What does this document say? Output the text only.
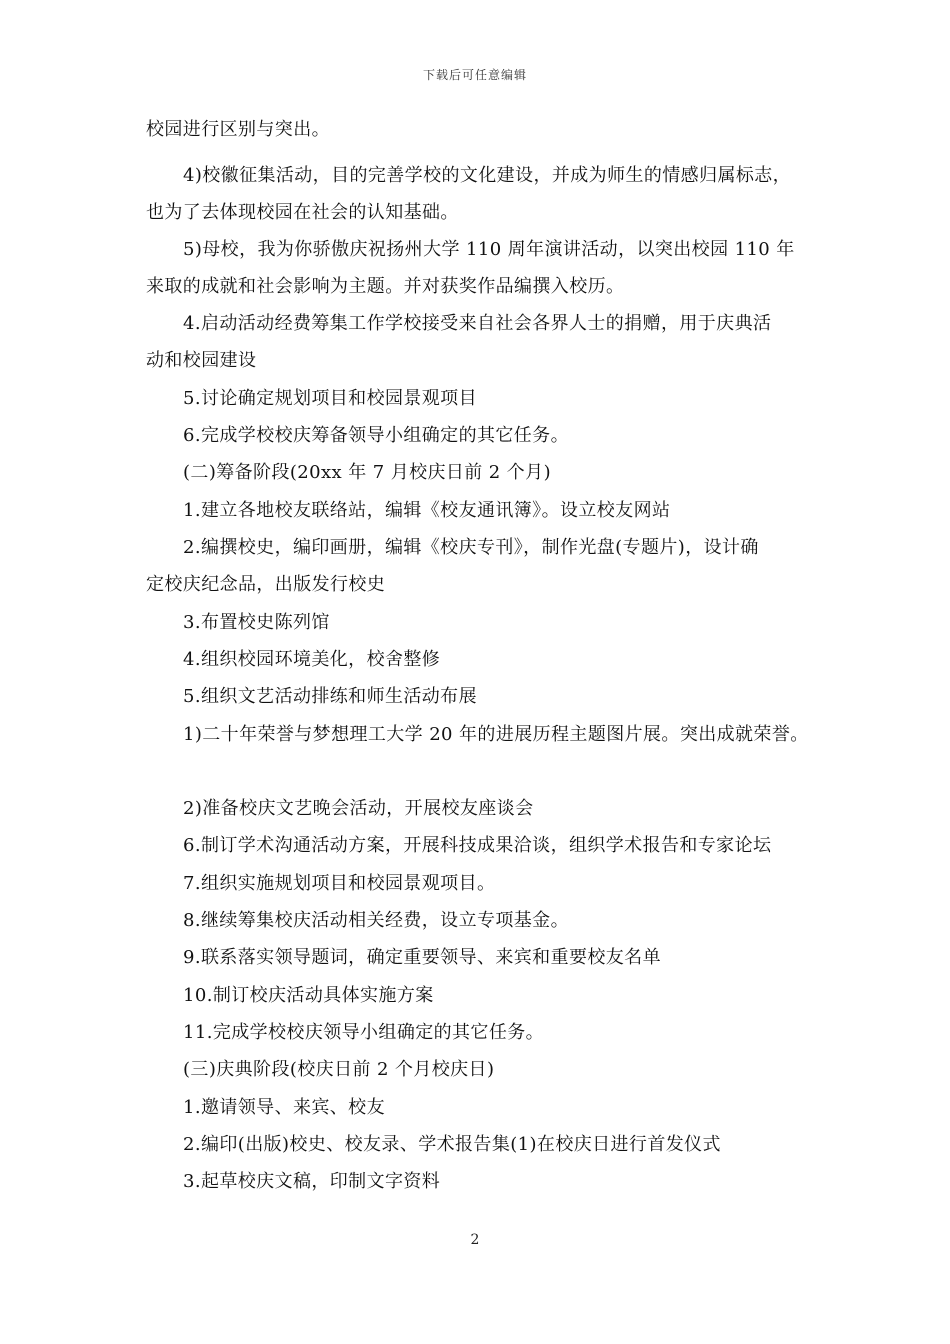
下载后可任意编辑
校园进行区别与突出。
4)校徽征集活动，目的完善学校的文化建设，并成为师生的情感归属标志，
也为了去体现校园在社会的认知基础。
5)母校，我为你骄傲庆祝扬州大学 110 周年演讲活动，以突出校园 110 年
来取的成就和社会影响为主题。并对获奖作品编撰入校历。
4.启动活动经费筹集工作学校接受来自社会各界人士的捐赠，用于庆典活
动和校园建设
5.讨论确定规划项目和校园景观项目
6.完成学校校庆筹备领导小组确定的其它任务。
(二)筹备阶段(20xx 年 7 月校庆日前 2 个月)
1.建立各地校友联络站，编辑《校友通讯簿》。设立校友网站
2.编撰校史，编印画册，编辑《校庆专刊》，制作光盘(专题片)，设计确
定校庆纪念品，出版发行校史
3.布置校史陈列馆
4.组织校园环境美化，校舍整修
5.组织文艺活动排练和师生活动布展
1)二十年荣誉与梦想理工大学 20 年的进展历程主题图片展。突出成就荣誉。
2)准备校庆文艺晚会活动，开展校友座谈会
6.制订学术沟通活动方案，开展科技成果洽谈，组织学术报告和专家论坛
7.组织实施规划项目和校园景观项目。
8.继续筹集校庆活动相关经费，设立专项基金。
9.联系落实领导题词，确定重要领导、来宾和重要校友名单
10.制订校庆活动具体实施方案
11.完成学校校庆领导小组确定的其它任务。
(三)庆典阶段(校庆日前 2 个月校庆日)
1.邀请领导、来宾、校友
2.编印(出版)校史、校友录、学术报告集(1)在校庆日进行首发仪式
3.起草校庆文稿，印制文字资料
2
